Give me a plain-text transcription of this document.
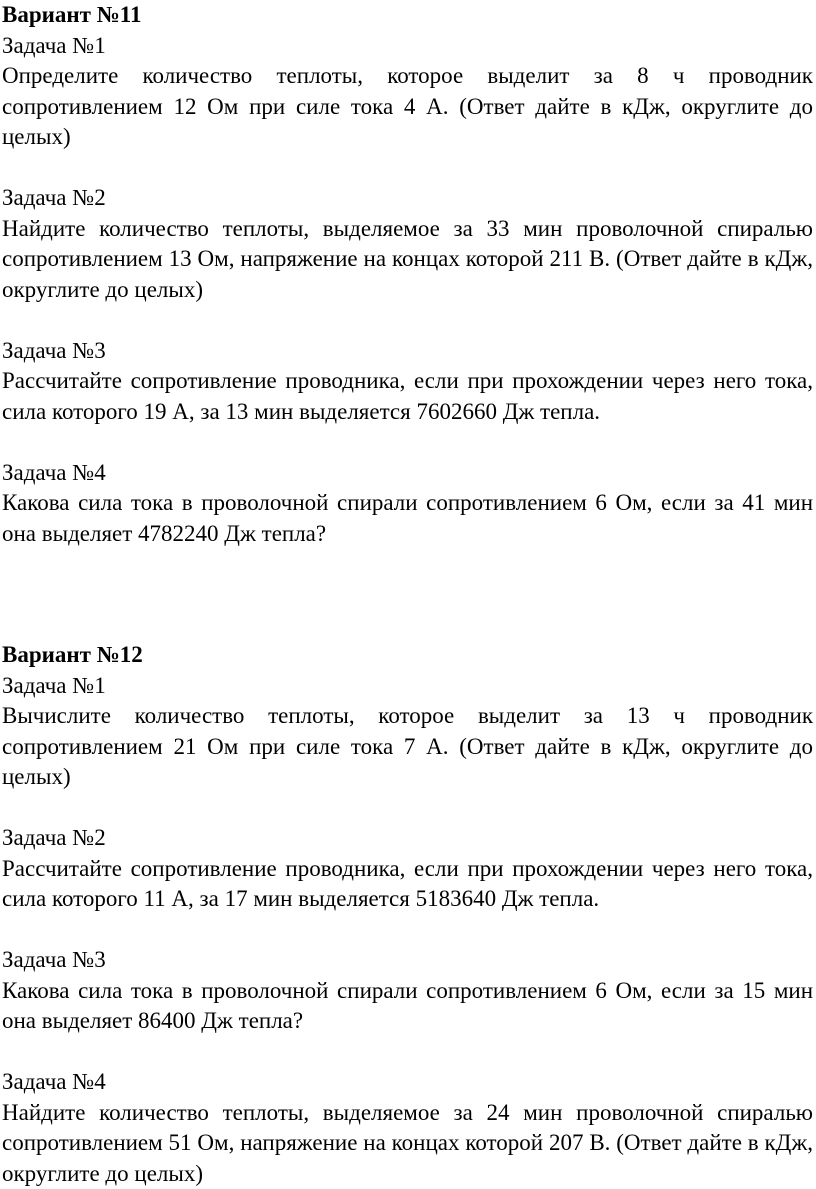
Вариант №11

Задача №1

Определите количество теплоты, которое выделит за 8 ч проводник сопротивлением 12 Ом при силе тока 4 А. (Ответ дайте в кДж, округлите до целых)

Задача №2

Найдите количество теплоты, выделяемое за 33 мин проволочной спиралью сопротивлением 13 Ом, напряжение на концах которой 211 В. (Ответ дайте в кДж, округлите до целых)

Задача №3

Рассчитайте сопротивление проводника, если при прохождении через него тока, сила которого 19 А, за 13 мин выделяется 7602660 Дж тепла.

Задача №4

Какова сила тока в проволочной спирали сопротивлением 6 Ом, если за 41 мин она выделяет 4782240 Дж тепла?

Вариант №12

Задача №1

Вычислите количество теплоты, которое выделит за 13 ч проводник сопротивлением 21 Ом при силе тока 7 А. (Ответ дайте в кДж, округлите до целых)

Задача №2

Рассчитайте сопротивление проводника, если при прохождении через него тока, сила которого 11 А, за 17 мин выделяется 5183640 Дж тепла.

Задача №3

Какова сила тока в проволочной спирали сопротивлением 6 Ом, если за 15 мин она выделяет 86400 Дж тепла?

Задача №4

Найдите количество теплоты, выделяемое за 24 мин проволочной спиралью сопротивлением 51 Ом, напряжение на концах которой 207 В. (Ответ дайте в кДж, округлите до целых)
